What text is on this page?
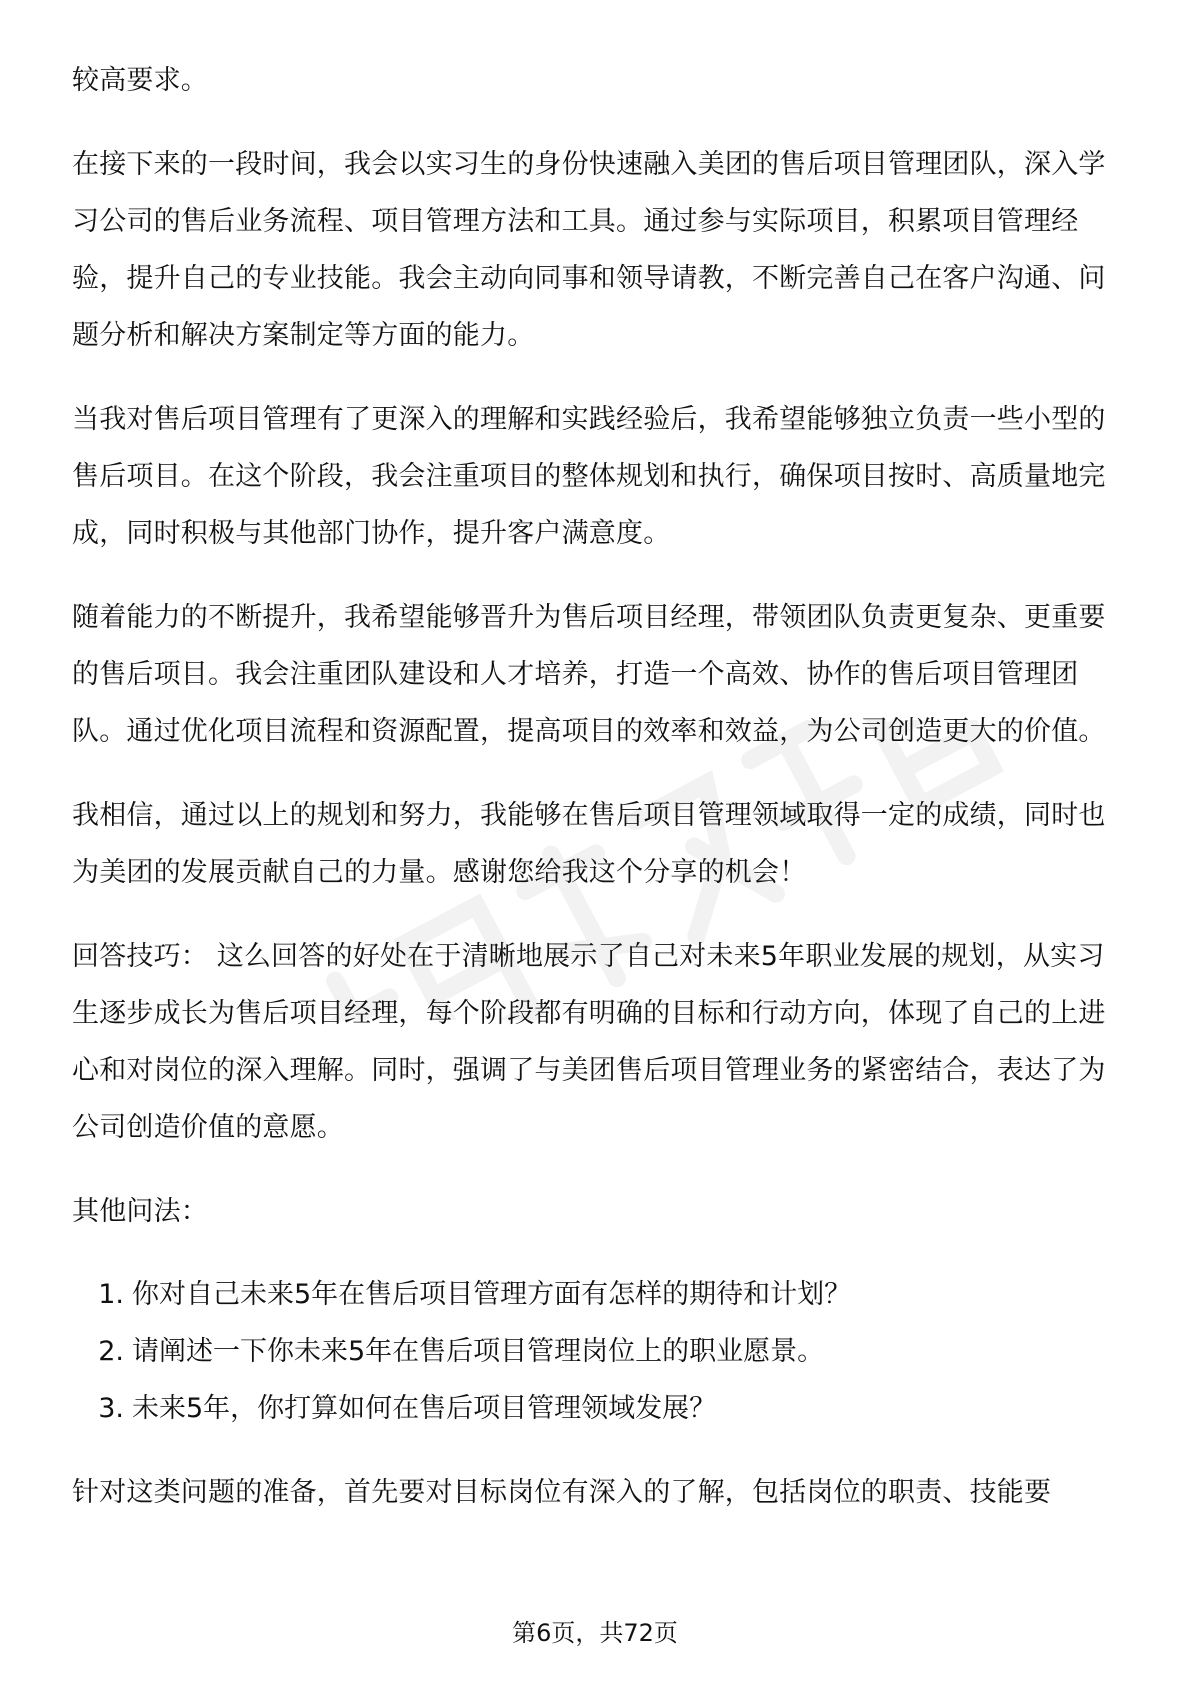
较高要求。

在接下来的一段时间，我会以实习生的身份快速融入美团的售后项目管理团队，深入学习公司的售后业务流程、项目管理方法和工具。通过参与实际项目，积累项目管理经验，提升自己的专业技能。我会主动向同事和领导请教，不断完善自己在客户沟通、问题分析和解决方案制定等方面的能力。

当我对售后项目管理有了更深入的理解和实践经验后，我希望能够独立负责一些小型的售后项目。在这个阶段，我会注重项目的整体规划和执行，确保项目按时、高质量地完成，同时积极与其他部门协作，提升客户满意度。

随着能力的不断提升，我希望能够晋升为售后项目经理，带领团队负责更复杂、更重要的售后项目。我会注重团队建设和人才培养，打造一个高效、协作的售后项目管理团队。通过优化项目流程和资源配置，提高项目的效率和效益，为公司创造更大的价值。

我相信，通过以上的规划和努力，我能够在售后项目管理领域取得一定的成绩，同时也为美团的发展贡献自己的力量。感谢您给我这个分享的机会！

回答技巧： 这么回答的好处在于清晰地展示了自己对未来5年职业发展的规划，从实习生逐步成长为售后项目经理，每个阶段都有明确的目标和行动方向，体现了自己的上进心和对岗位的深入理解。同时，强调了与美团售后项目管理业务的紧密结合，表达了为公司创造价值的意愿。

其他问法：

1. 你对自己未来5年在售后项目管理方面有怎样的期待和计划？
2. 请阐述一下你未来5年在售后项目管理岗位上的职业愿景。
3. 未来5年，你打算如何在售后项目管理领域发展？

针对这类问题的准备，首先要对目标岗位有深入的了解，包括岗位的职责、技能要

第6页，共72页
